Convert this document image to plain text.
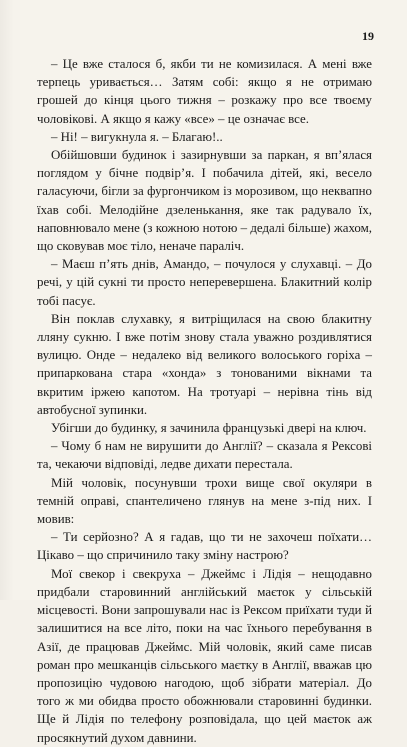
19

– Це вже сталося б, якби ти не комизилася. А мені вже терпець уривається… Затям собі: якщо я не отримаю грошей до кінця цього тижня – розкажу про все твоєму чоловікові. А якщо я кажу «все» – це означає все.

– Ні! – вигукнула я. – Благаю!..

Обійшовши будинок і зазирнувши за паркан, я вп’ялася поглядом у бічне подвір’я. І побачила дітей, які, весело галасуючи, бігли за фургончиком із морозивом, що неквапно їхав собі. Мелодійне дзеленькання, яке так радувало їх, наповнювало мене (з кожною нотою – дедалі більше) жахом, що сковував моє тіло, неначе параліч.

– Маєш п’ять днів, Амандо, – почулося у слухавці. – До речі, у цій сукні ти просто неперевершена. Блакитний колір тобі пасує.

Він поклав слухавку, я витріщилася на свою блакитну лляну сукню. І вже потім знову стала уважно роздивлятися вулицю. Онде – недалеко від великого волоського горіха – припаркована стара «хонда» з тонованими вікнами та вкритим іржею капотом. На тротуарі – нерівна тінь від автобусної зупинки.

Убігши до будинку, я зачинила французькі двері на ключ.

– Чому б нам не вирушити до Англії? – сказала я Рексові та, чекаючи відповіді, ледве дихати перестала.

Мій чоловік, посунувши трохи вище свої окуляри в темній оправі, спантеличено глянув на мене з-під них. І мовив:

– Ти серйозно? А я гадав, що ти не захочеш поїхати… Цікаво – що спричинило таку зміну настрою?

Мої свекор і свекруха – Джеймс і Лідія – нещодавно придбали старовинний англійський маєток у сільській місцевості. Вони запрошували нас із Рексом приїхати туди й залишитися на все літо, поки на час їхнього перебування в Азії, де працював Джеймс. Мій чоловік, який саме писав роман про мешканців сільського маєтку в Англії, вважав цю пропозицію чудовою нагодою, щоб зібрати матеріал. До того ж ми обидва просто обожнювали старовинні будинки. Ще й Лідія по телефону розповідала, що цей маєток аж просякнутий духом давнини.
